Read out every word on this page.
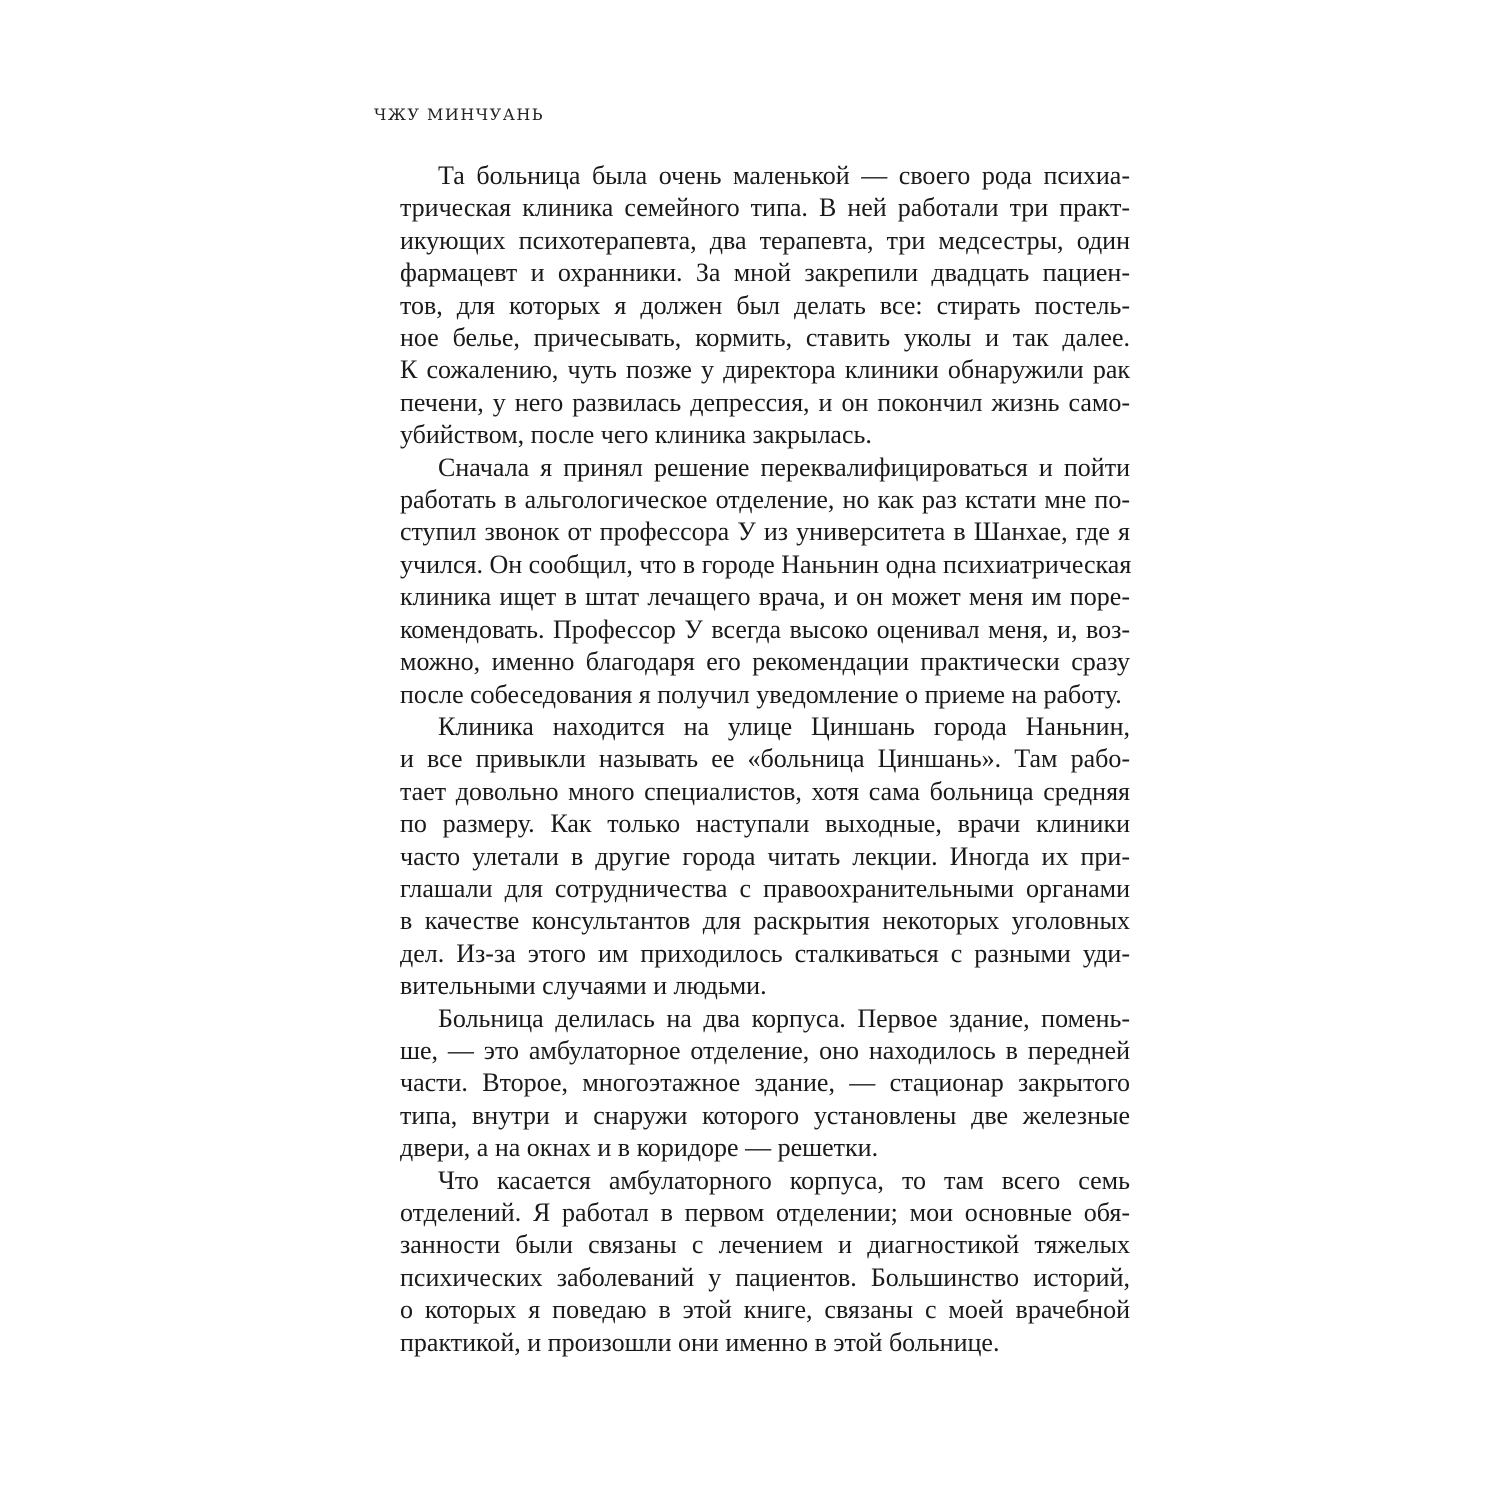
ЧЖУ МИНЧУАНЬ
Та больница была очень маленькой — своего рода психиа-
трическая клиника семейного типа. В ней работали три практ-
икующих психотерапевта, два терапевта, три медсестры, один
фармацевт и охранники. За мной закрепили двадцать пациен-
тов, для которых я должен был делать все: стирать постель-
ное белье, причесывать, кормить, ставить уколы и так далее.
К сожалению, чуть позже у директора клиники обнаружили рак
печени, у него развилась депрессия, и он покончил жизнь само-
убийством, после чего клиника закрылась.
Сначала я принял решение переквалифицироваться и пойти
работать в альгологическое отделение, но как раз кстати мне по-
ступил звонок от профессора У из университета в Шанхае, где я
учился. Он сообщил, что в городе Наньнин одна психиатрическая
клиника ищет в штат лечащего врача, и он может меня им поре-
комендовать. Профессор У всегда высоко оценивал меня, и, воз-
можно, именно благодаря его рекомендации практически сразу
после собеседования я получил уведомление о приеме на работу.
Клиника находится на улице Циншань города Наньнин,
и все привыкли называть ее «больница Циншань». Там рабо-
тает довольно много специалистов, хотя сама больница средняя
по размеру. Как только наступали выходные, врачи клиники
часто улетали в другие города читать лекции. Иногда их при-
глашали для сотрудничества с правоохранительными органами
в качестве консультантов для раскрытия некоторых уголовных
дел. Из-за этого им приходилось сталкиваться с разными уди-
вительными случаями и людьми.
Больница делилась на два корпуса. Первое здание, помень-
ше, — это амбулаторное отделение, оно находилось в передней
части. Второе, многоэтажное здание, — стационар закрытого
типа, внутри и снаружи которого установлены две железные
двери, а на окнах и в коридоре — решетки.
Что касается амбулаторного корпуса, то там всего семь
отделений. Я работал в первом отделении; мои основные обя-
занности были связаны с лечением и диагностикой тяжелых
психических заболеваний у пациентов. Большинство историй,
о которых я поведаю в этой книге, связаны с моей врачебной
практикой, и произошли они именно в этой больнице.
